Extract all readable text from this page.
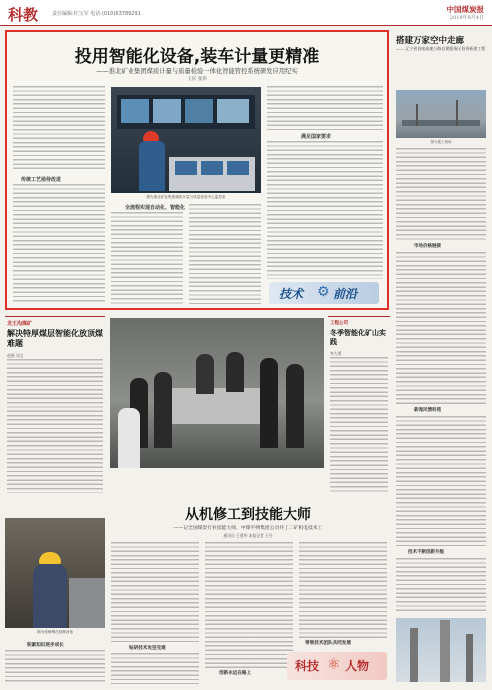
科教	责任编辑:杜宝军 电话:(010)63789291	中国煤炭报
2018年9月4日
投用智能化设备,装车计量更精准
——淮北矿业集团煤质计量与质量检验一体化智能管控系统研发应用纪实
王匡 张伟
传统工艺亟待改进
图为淮北矿业集团煤质计量与质量检验中心监控室
满足国家要求
全流程实现自动化、智能化
技术 ⚙ 前沿
搭建万家空中走廊
—— 辽宁省首座高速公路自建服务区投资新建工程
图为施工现场
市场价格链接
新闻风情科苑
技术不断创新升级
龙王沟煤矿
解决特厚煤层智能化放顶煤难题
赵强 刘文
工程公司
冬季智能化矿山实践
李大勇
图为张师傅在检修设备
积累知识逐步成长
从机修工到技能大师
——记全国煤炭行业技能大师、中煤平朔集团公司井工二矿机电技术工
通讯员 王建华 本报记者 王丹
钻研技术攻坚克难
创新永远在路上
带领技术团队共同发展
科技 ⚛ 人物
